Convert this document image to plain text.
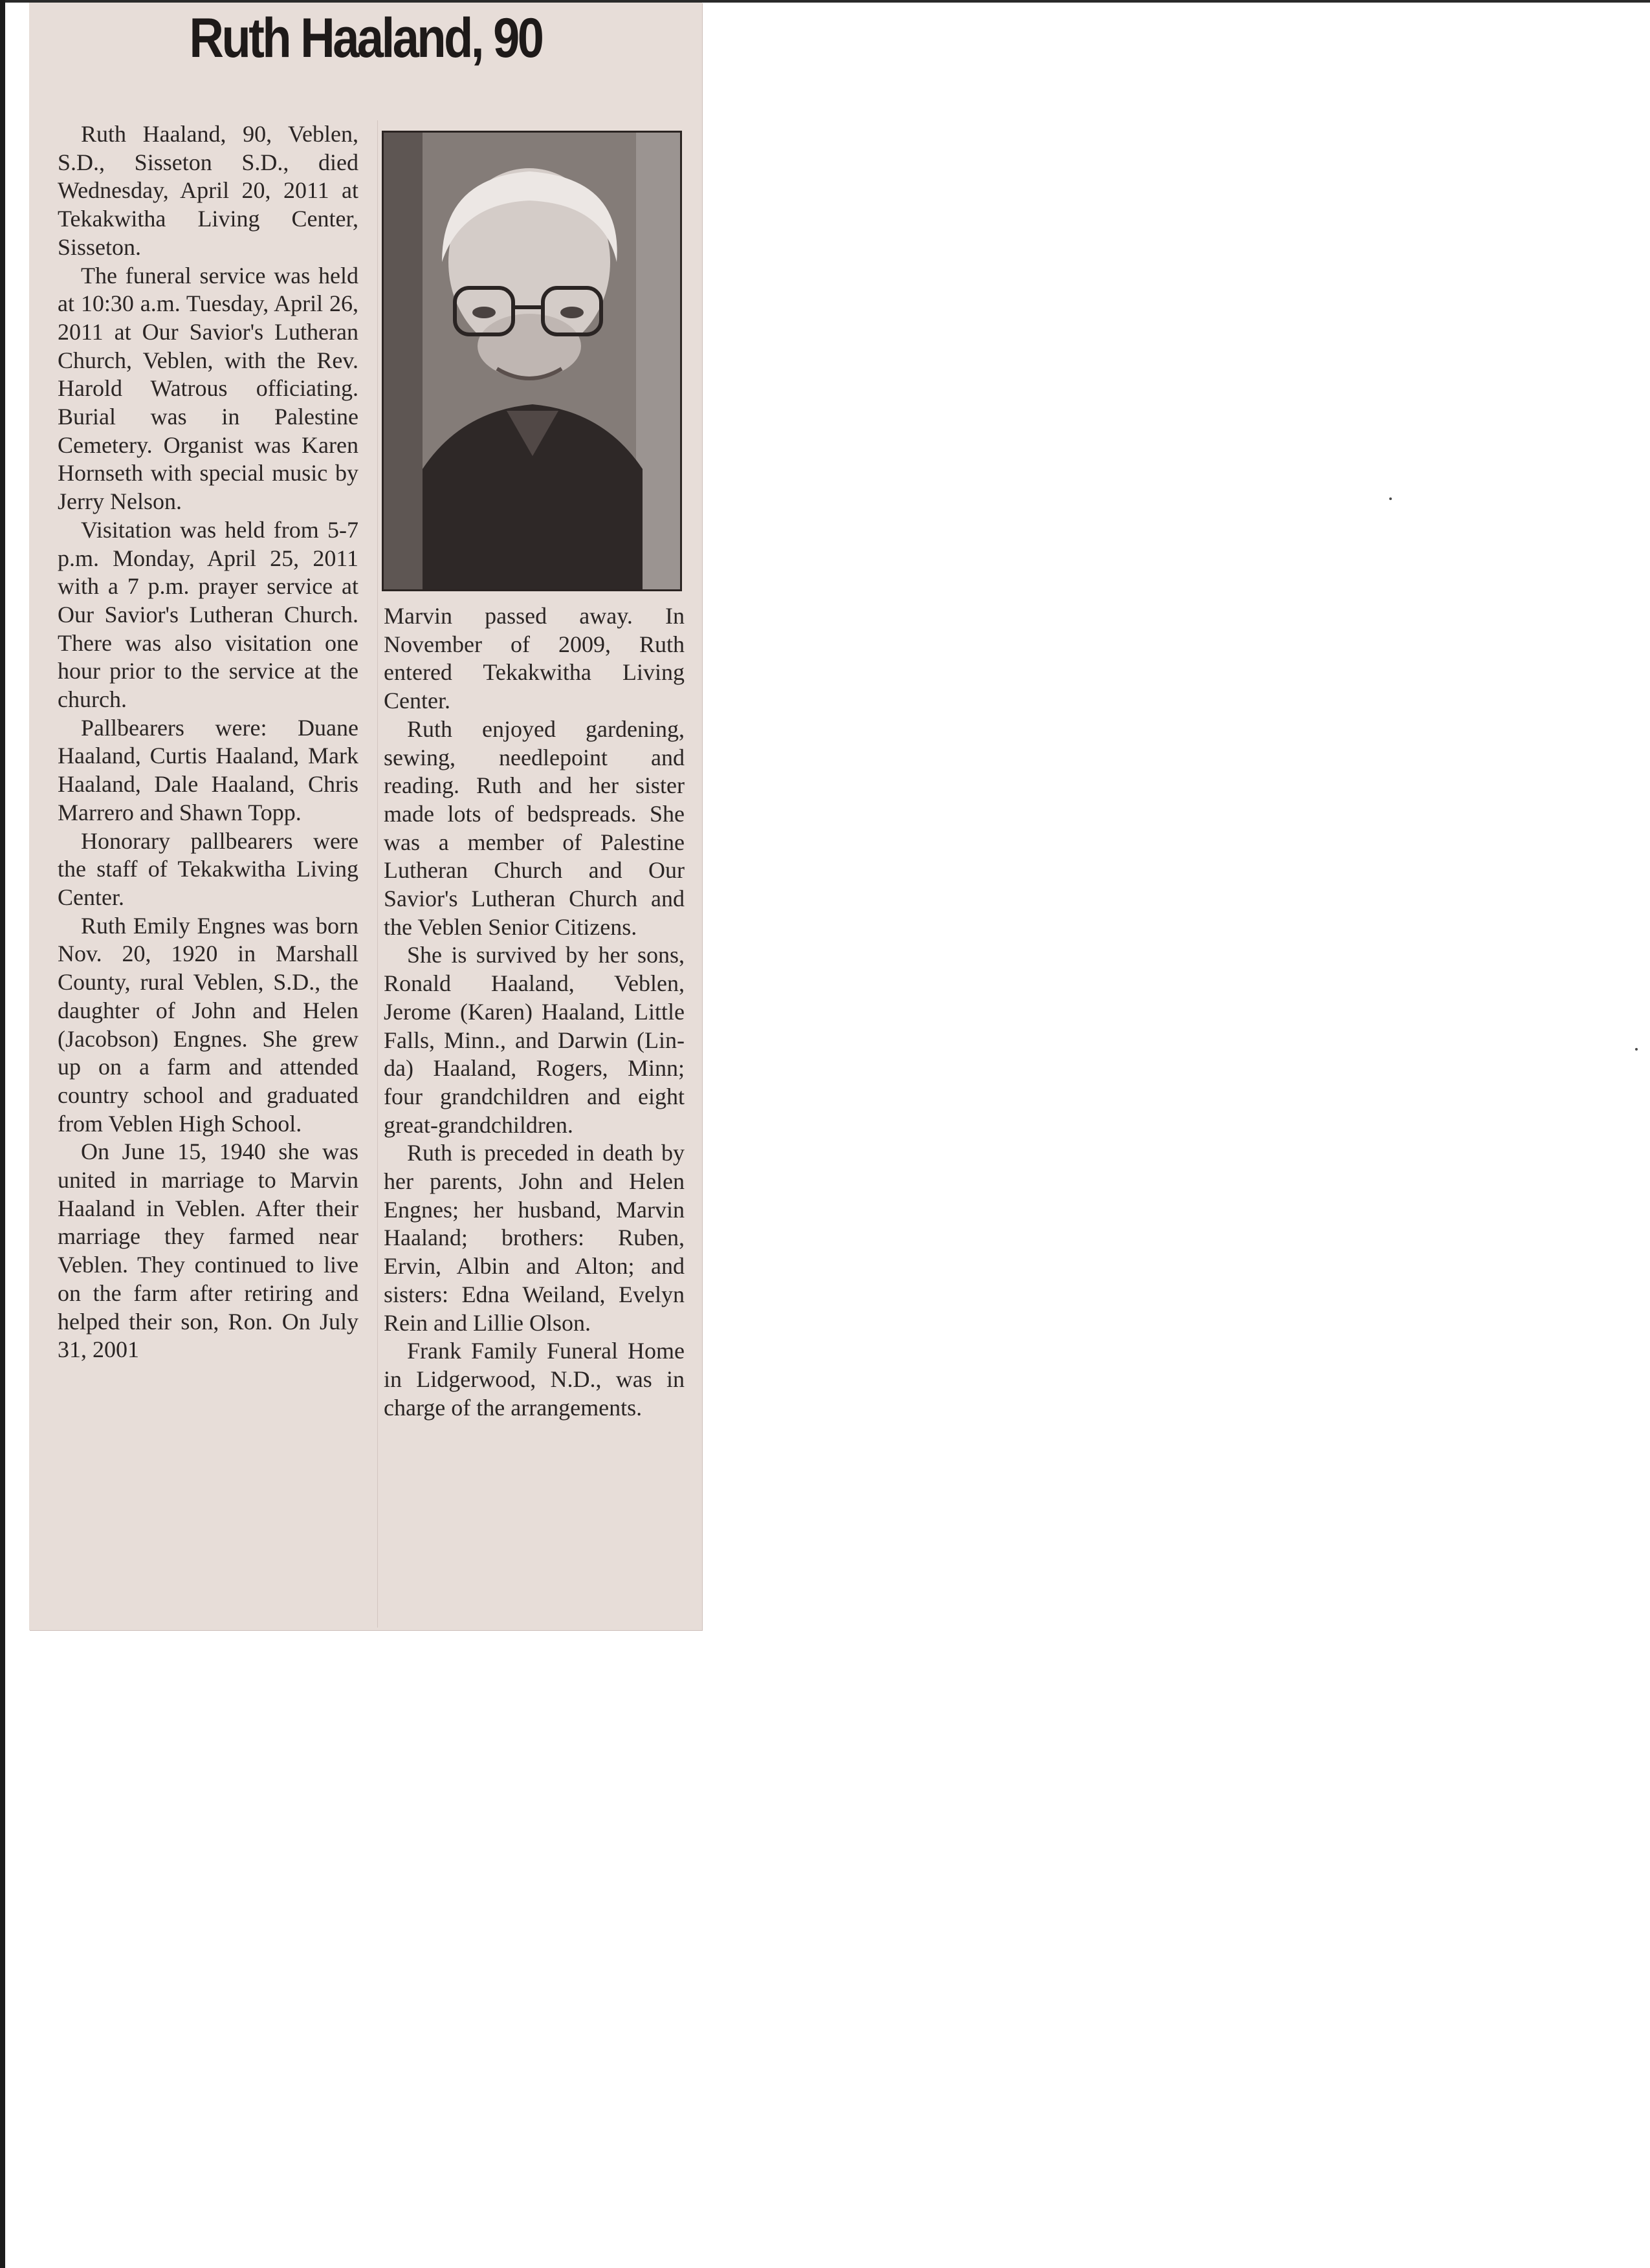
Ruth Haaland, 90

Ruth Haaland, 90, Veblen, S.D., Sisseton S.D., died Wednesday, April 20, 2011 at Tekakwitha Living Center, Sisseton.

The funeral service was held at 10:30 a.m. Tuesday, April 26, 2011 at Our Savior's Lutheran Church, Veblen, with the Rev. Harold Watrous officiating. Burial was in Palestine Cemetery. Organist was Karen Hornseth with special music by Jerry Nelson.

Visitation was held from 5-7 p.m. Monday, April 25, 2011 with a 7 p.m. prayer service at Our Savior's Lutheran Church. There was also visitation one hour prior to the service at the church.

Pallbearers were: Duane Haaland, Curtis Haaland, Mark Haaland, Dale Haaland, Chris Marrero and Shawn Topp.

Honorary pallbearers were the staff of Tekakwitha Living Center.

Ruth Emily Engnes was born Nov. 20, 1920 in Marshall County, rural Veblen, S.D., the daughter of John and Helen (Jacobson) Engnes. She grew up on a farm and attended country school and graduated from Veblen High School.

On June 15, 1940 she was united in marriage to Marvin Haaland in Veblen. After their marriage they farmed near Veblen. They continued to live on the farm after retiring and helped their son, Ron. On July 31, 2001

Marvin passed away. In November of 2009, Ruth entered Tekakwitha Living Center.

Ruth enjoyed gardening, sewing, needlepoint and reading. Ruth and her sister made lots of bedspreads. She was a member of Palestine Lutheran Church and Our Savior's Lutheran Church and the Veblen Senior Citizens.

She is survived by her sons, Ronald Haaland, Veblen, Jerome (Karen) Haaland, Little Falls, Minn., and Darwin (Linda) Haaland, Rogers, Minn; four grandchildren and eight great-grandchildren.

Ruth is preceded in death by her parents, John and Helen Engnes; her husband, Marvin Haaland; brothers: Ruben, Ervin, Albin and Alton; and sisters: Edna Weiland, Evelyn Rein and Lillie Olson.

Frank Family Funeral Home in Lidgerwood, N.D., was in charge of the arrangements.
